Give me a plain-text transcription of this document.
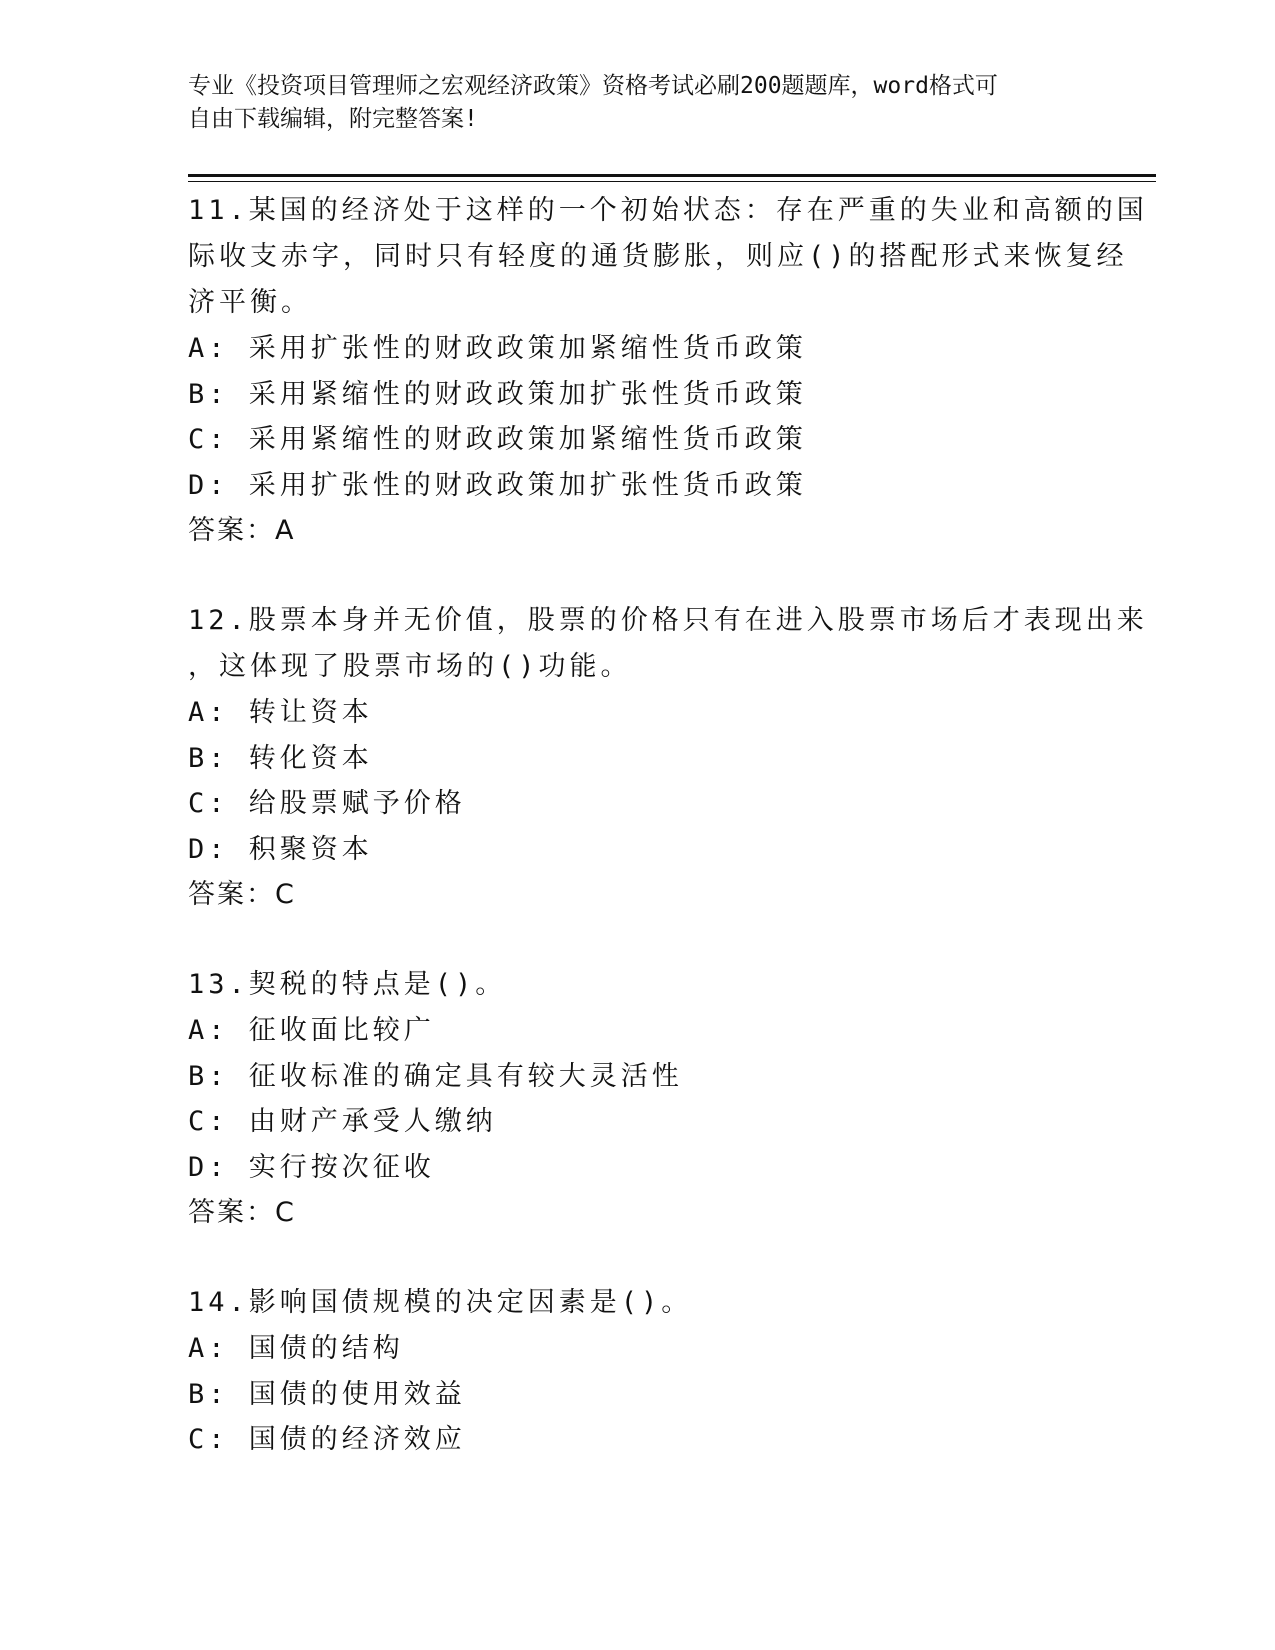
专业《投资项目管理师之宏观经济政策》资格考试必刷200题题库，word格式可
自由下载编辑，附完整答案!
11.某国的经济处于这样的一个初始状态：存在严重的失业和高额的国
际收支赤字，同时只有轻度的通货膨胀，则应()的搭配形式来恢复经
济平衡。
A: 采用扩张性的财政政策加紧缩性货币政策
B: 采用紧缩性的财政政策加扩张性货币政策
C: 采用紧缩性的财政政策加紧缩性货币政策
D: 采用扩张性的财政政策加扩张性货币政策
答案：A
12.股票本身并无价值，股票的价格只有在进入股票市场后才表现出来
，这体现了股票市场的()功能。
A: 转让资本
B: 转化资本
C: 给股票赋予价格
D: 积聚资本
答案：C
13.契税的特点是()。
A: 征收面比较广
B: 征收标准的确定具有较大灵活性
C: 由财产承受人缴纳
D: 实行按次征收
答案：C
14.影响国债规模的决定因素是()。
A: 国债的结构
B: 国债的使用效益
C: 国债的经济效应
